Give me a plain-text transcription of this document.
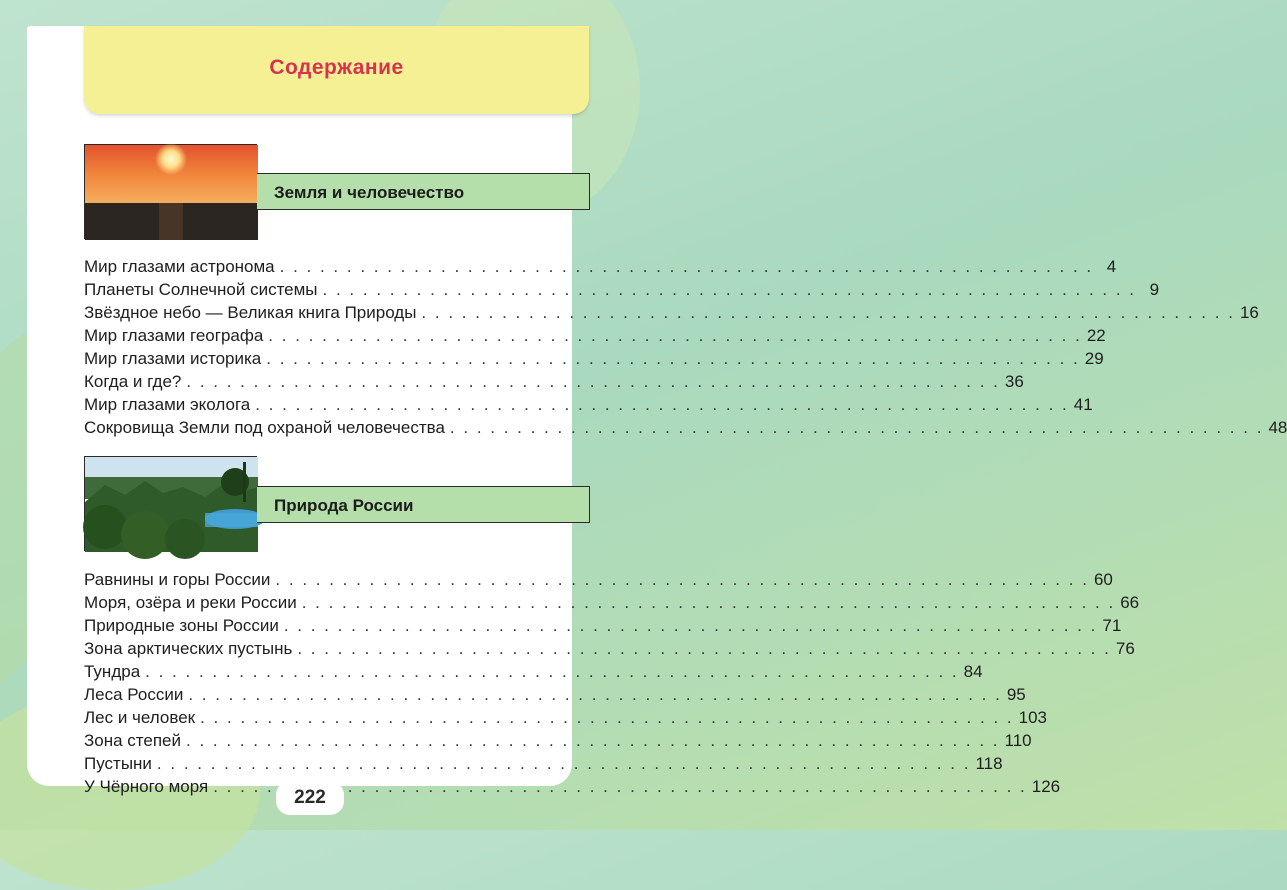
Содержание
Земля и человечество
Мир глазами астронома . . .	4
Планеты Солнечной системы . . .	9
Звёздное небо — Великая книга Природы . . .	16
Мир глазами географа . . .	22
Мир глазами историка . . .	29
Когда и где? . . .	36
Мир глазами эколога . . .	41
Сокровища Земли под охраной человечества . . .	48
Природа России
Равнины и горы России . . .	60
Моря, озёра и реки России . . .	66
Природные зоны России . . .	71
Зона арктических пустынь . . .	76
Тундра . . .	84
Леса России . . .	95
Лес и человек . . .	103
Зона степей . . .	110
Пустыни . . .	118
У Чёрного моря . . .	126
222
